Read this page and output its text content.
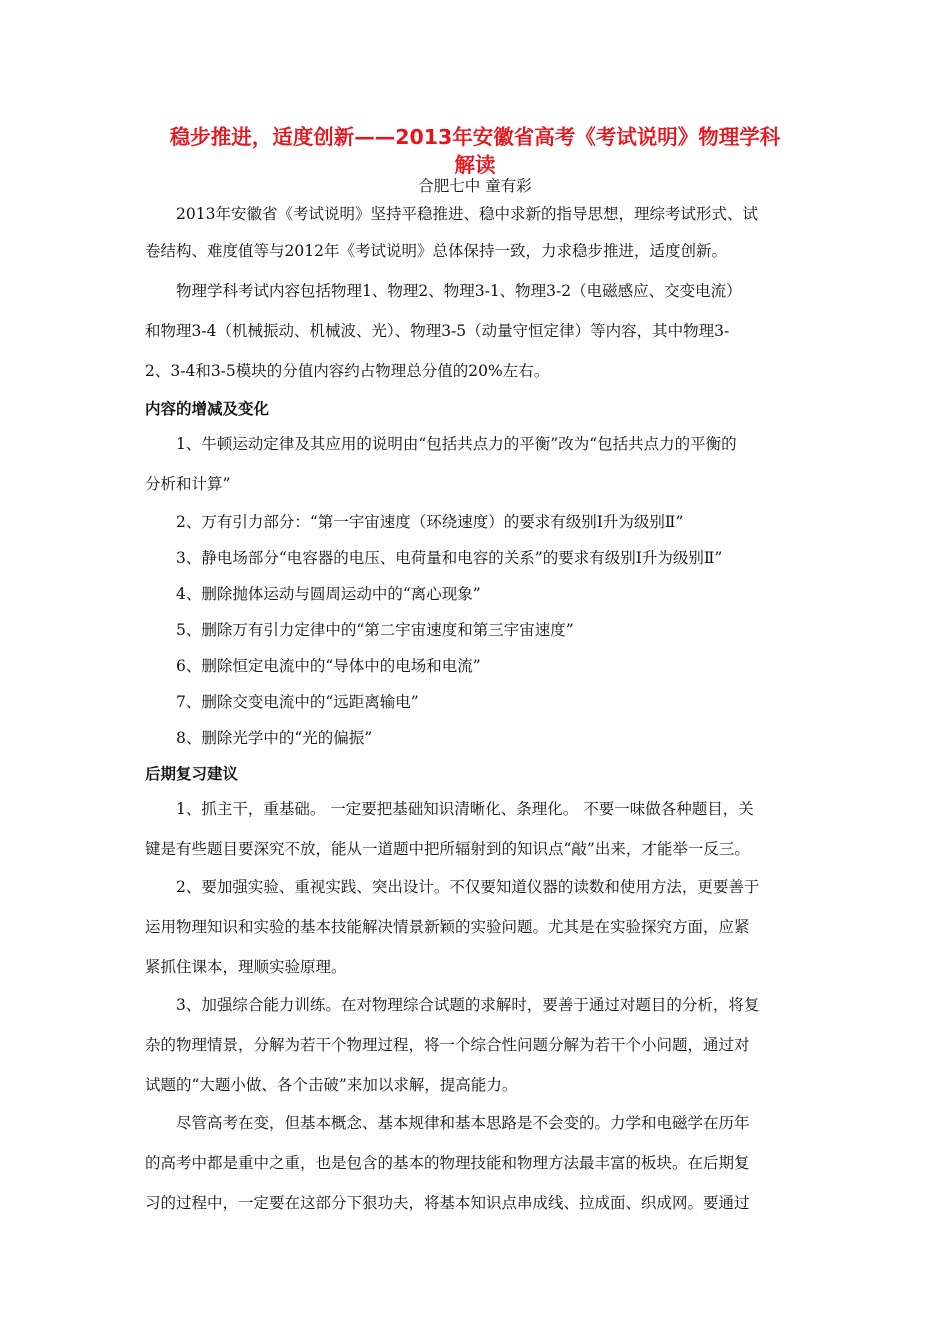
稳步推进，适度创新——2013年安徽省高考《考试说明》物理学科
解读
合肥七中 童有彩
2013年安徽省《考试说明》坚持平稳推进、稳中求新的指导思想，理综考试形式、试
卷结构、难度值等与2012年《考试说明》总体保持一致，力求稳步推进，适度创新。
物理学科考试内容包括物理1、物理2、物理3-1、物理3-2（电磁感应、交变电流）
和物理3-4（机械振动、机械波、光）、物理3-5（动量守恒定律）等内容，其中物理3-
2、3-4和3-5模块的分值内容约占物理总分值的20%左右。
内容的增减及变化
1、牛顿运动定律及其应用的说明由“包括共点力的平衡”改为“包括共点力的平衡的
分析和计算”
2、万有引力部分：“第一宇宙速度（环绕速度）的要求有级别Ⅰ升为级别Ⅱ”
3、静电场部分“电容器的电压、电荷量和电容的关系”的要求有级别Ⅰ升为级别Ⅱ”
4、删除抛体运动与圆周运动中的“离心现象”
5、删除万有引力定律中的“第二宇宙速度和第三宇宙速度”
6、删除恒定电流中的“导体中的电场和电流”
7、删除交变电流中的“远距离输电”
8、删除光学中的“光的偏振”
后期复习建议
1、抓主干，重基础。 一定要把基础知识清晰化、条理化。 不要一味做各种题目，关
键是有些题目要深究不放，能从一道题中把所辐射到的知识点“敲”出来，才能举一反三。
2、要加强实验、重视实践、突出设计。不仅要知道仪器的读数和使用方法，更要善于
运用物理知识和实验的基本技能解决情景新颖的实验问题。尤其是在实验探究方面，应紧
紧抓住课本，理顺实验原理。
3、加强综合能力训练。在对物理综合试题的求解时，要善于通过对题目的分析，将复
杂的物理情景，分解为若干个物理过程，将一个综合性问题分解为若干个小问题，通过对
试题的“大题小做、各个击破”来加以求解，提高能力。
尽管高考在变，但基本概念、基本规律和基本思路是不会变的。力学和电磁学在历年
的高考中都是重中之重，也是包含的基本的物理技能和物理方法最丰富的板块。在后期复
习的过程中，一定要在这部分下狠功夫，将基本知识点串成线、拉成面、织成网。要通过
